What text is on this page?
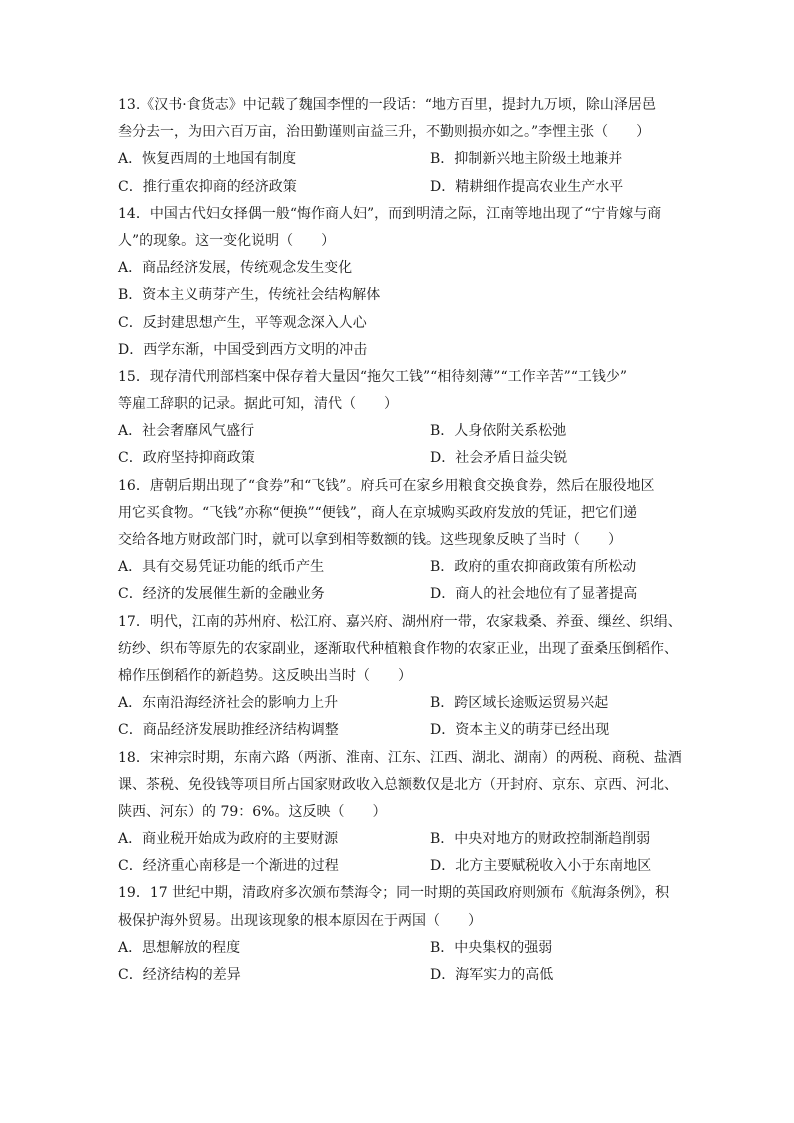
13.《汉书·食货志》中记载了魏国李悝的一段话：“地方百里，提封九万顷，除山泽居邑
叁分去一，为田六百万亩，治田勤谨则亩益三升，不勤则损亦如之。”李悝主张（　　）
A．恢复西周的土地国有制度	B．抑制新兴地主阶级土地兼并
C．推行重农抑商的经济政策	D．精耕细作提高农业生产水平
14．中国古代妇女择偶一般“悔作商人妇”，而到明清之际，江南等地出现了“宁肯嫁与商
人”的现象。这一变化说明（　　）
A．商品经济发展，传统观念发生变化
B．资本主义萌芽产生，传统社会结构解体
C．反封建思想产生，平等观念深入人心
D．西学东渐，中国受到西方文明的冲击
15．现存清代刑部档案中保存着大量因“拖欠工钱”“相待刻薄”“工作辛苦”“工钱少”
等雇工辞职的记录。据此可知，清代（　　）
A．社会奢靡风气盛行	B．人身依附关系松弛
C．政府坚持抑商政策	D．社会矛盾日益尖锐
16．唐朝后期出现了“食券”和“飞钱”。府兵可在家乡用粮食交换食券，然后在服役地区
用它买食物。“飞钱”亦称“便换”“便钱”，商人在京城购买政府发放的凭证，把它们递
交给各地方财政部门时，就可以拿到相等数额的钱。这些现象反映了当时（　　）
A．具有交易凭证功能的纸币产生	B．政府的重农抑商政策有所松动
C．经济的发展催生新的金融业务	D．商人的社会地位有了显著提高
17．明代，江南的苏州府、松江府、嘉兴府、湖州府一带，农家栽桑、养蚕、缫丝、织绢、
纺纱、织布等原先的农家副业，逐渐取代种植粮食作物的农家正业，出现了蚕桑压倒稻作、
棉作压倒稻作的新趋势。这反映出当时（　　）
A．东南沿海经济社会的影响力上升	B．跨区域长途贩运贸易兴起
C．商品经济发展助推经济结构调整	D．资本主义的萌芽已经出现
18．宋神宗时期，东南六路（两浙、淮南、江东、江西、湖北、湖南）的两税、商税、盐酒
课、茶税、免役钱等项目所占国家财政收入总额数仅是北方（开封府、京东、京西、河北、
陕西、河东）的 79：6%。这反映（　　）
A．商业税开始成为政府的主要财源	B．中央对地方的财政控制渐趋削弱
C．经济重心南移是一个渐进的过程	D．北方主要赋税收入小于东南地区
19．17 世纪中期，清政府多次颁布禁海令；同一时期的英国政府则颁布《航海条例》，积
极保护海外贸易。出现该现象的根本原因在于两国（　　）
A．思想解放的程度	B．中央集权的强弱
C．经济结构的差异	D．海军实力的高低
